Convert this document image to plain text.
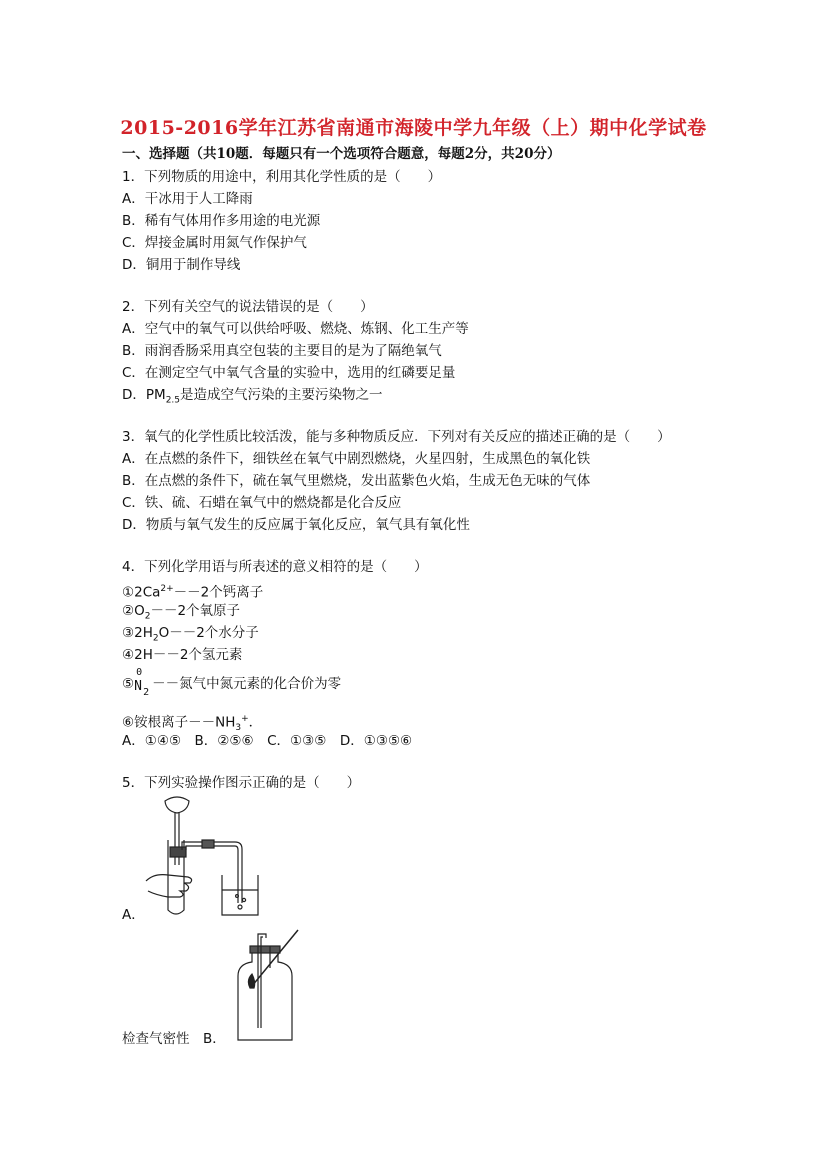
2015-2016学年江苏省南通市海陵中学九年级（上）期中化学试卷
一、选择题（共10题．每题只有一个选项符合题意，每题2分，共20分）
1．下列物质的用途中，利用其化学性质的是（　　）
A．干冰用于人工降雨
B．稀有气体用作多用途的电光源
C．焊接金属时用氮气作保护气
D．铜用于制作导线
2．下列有关空气的说法错误的是（　　）
A．空气中的氧气可以供给呼吸、燃烧、炼钢、化工生产等
B．雨润香肠采用真空包装的主要目的是为了隔绝氧气
C．在测定空气中氧气含量的实验中，选用的红磷要足量
D．$PM_{2.5}$是造成空气污染的主要污染物之一
3．氧气的化学性质比较活泼，能与多种物质反应．下列对有关反应的描述正确的是（　　）
A．在点燃的条件下，细铁丝在氧气中剧烈燃烧，火星四射，生成黑色的氧化铁
B．在点燃的条件下，硫在氧气里燃烧，发出蓝紫色火焰，生成无色无味的气体
C．铁、硫、石蜡在氧气中的燃烧都是化合反应
D．物质与氧气发生的反应属于氧化反应，氧气具有氧化性
4．下列化学用语与所表述的意义相符的是（　　）
$①2Ca^{2+}--2$个钙离子
$②O_2--2$个氧原子
$③2H_2O--2$个水分子
④2H－－2个氢元素
⑤
0
N 2
－－氮气中氮元素的化合价为零
⑥铵根离子$--NH_3^+$．
A．①④⑤　B．②⑤⑥　C．①③⑤　D．①③⑤⑥
5．下列实验操作图示正确的是（　　）
A．
检查气密性　B．
